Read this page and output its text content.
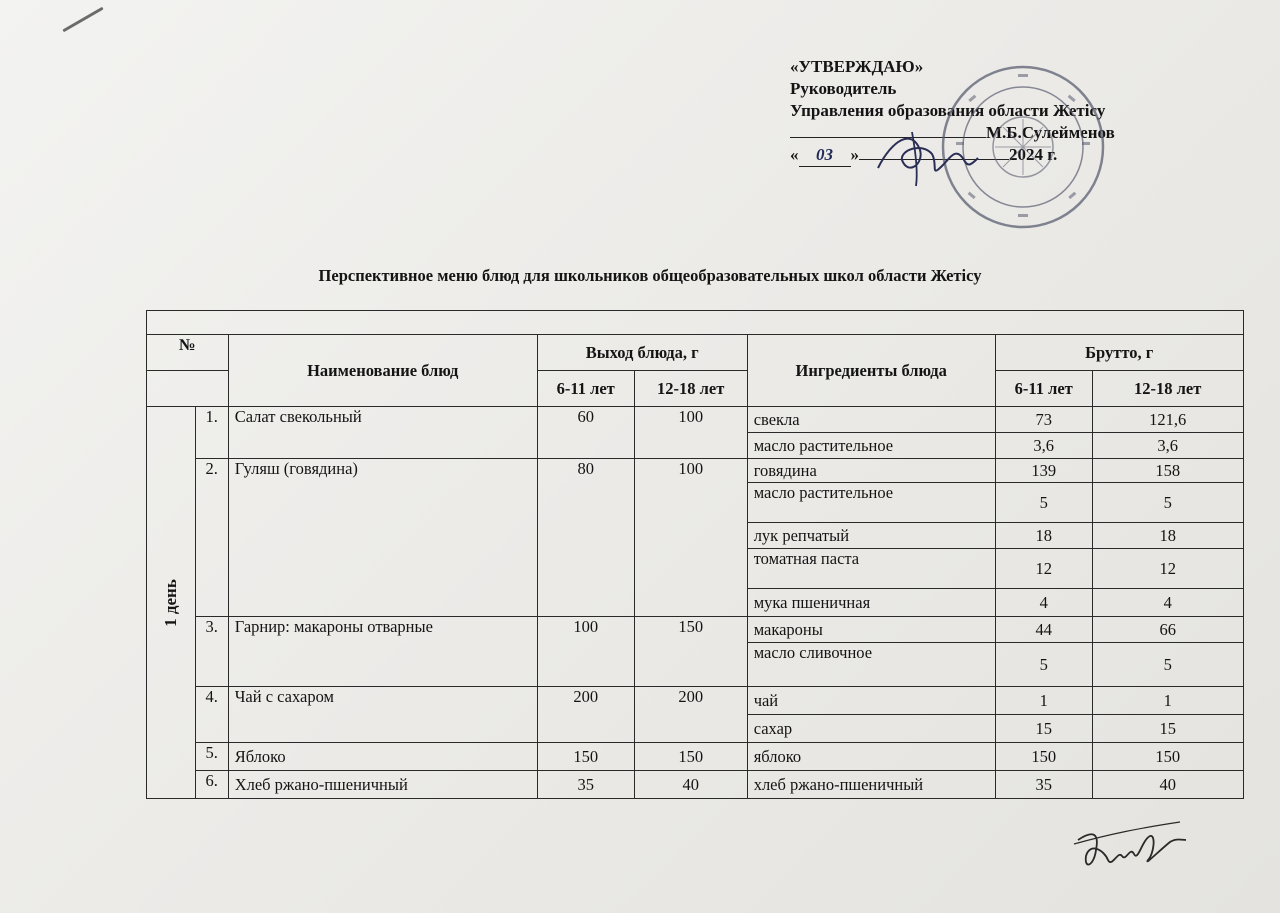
«УТВЕРЖДАЮ»
Руководитель
Управления образования области Жетісу
М.Б.Сулейменов
« 03 »	2024 г.
Перспективное меню блюд для школьников общеобразовательных школ области Жетісу

№		Наименование блюд	Выход блюда, г		Ингредиенты блюда	Брутто, г	
			6-11 лет	12-18 лет		6-11 лет	12-18 лет

1 день	1.	Салат свекольный	60	100	свекла	73	121,6
					масло растительное	3,6	3,6
	2.	Гуляш (говядина)	80	100	говядина	139	158
					масло растительное	5	5
					лук репчатый	18	18
					томатная паста	12	12
					мука пшеничная	4	4
	3.	Гарнир: макароны отварные	100	150	макароны	44	66
					масло сливочное	5	5
	4.	Чай с сахаром	200	200	чай	1	1
					сахар	15	15
	5.	Яблоко	150	150	яблоко	150	150
	6.	Хлеб ржано-пшеничный	35	40	хлеб ржано-пшеничный	35	40
